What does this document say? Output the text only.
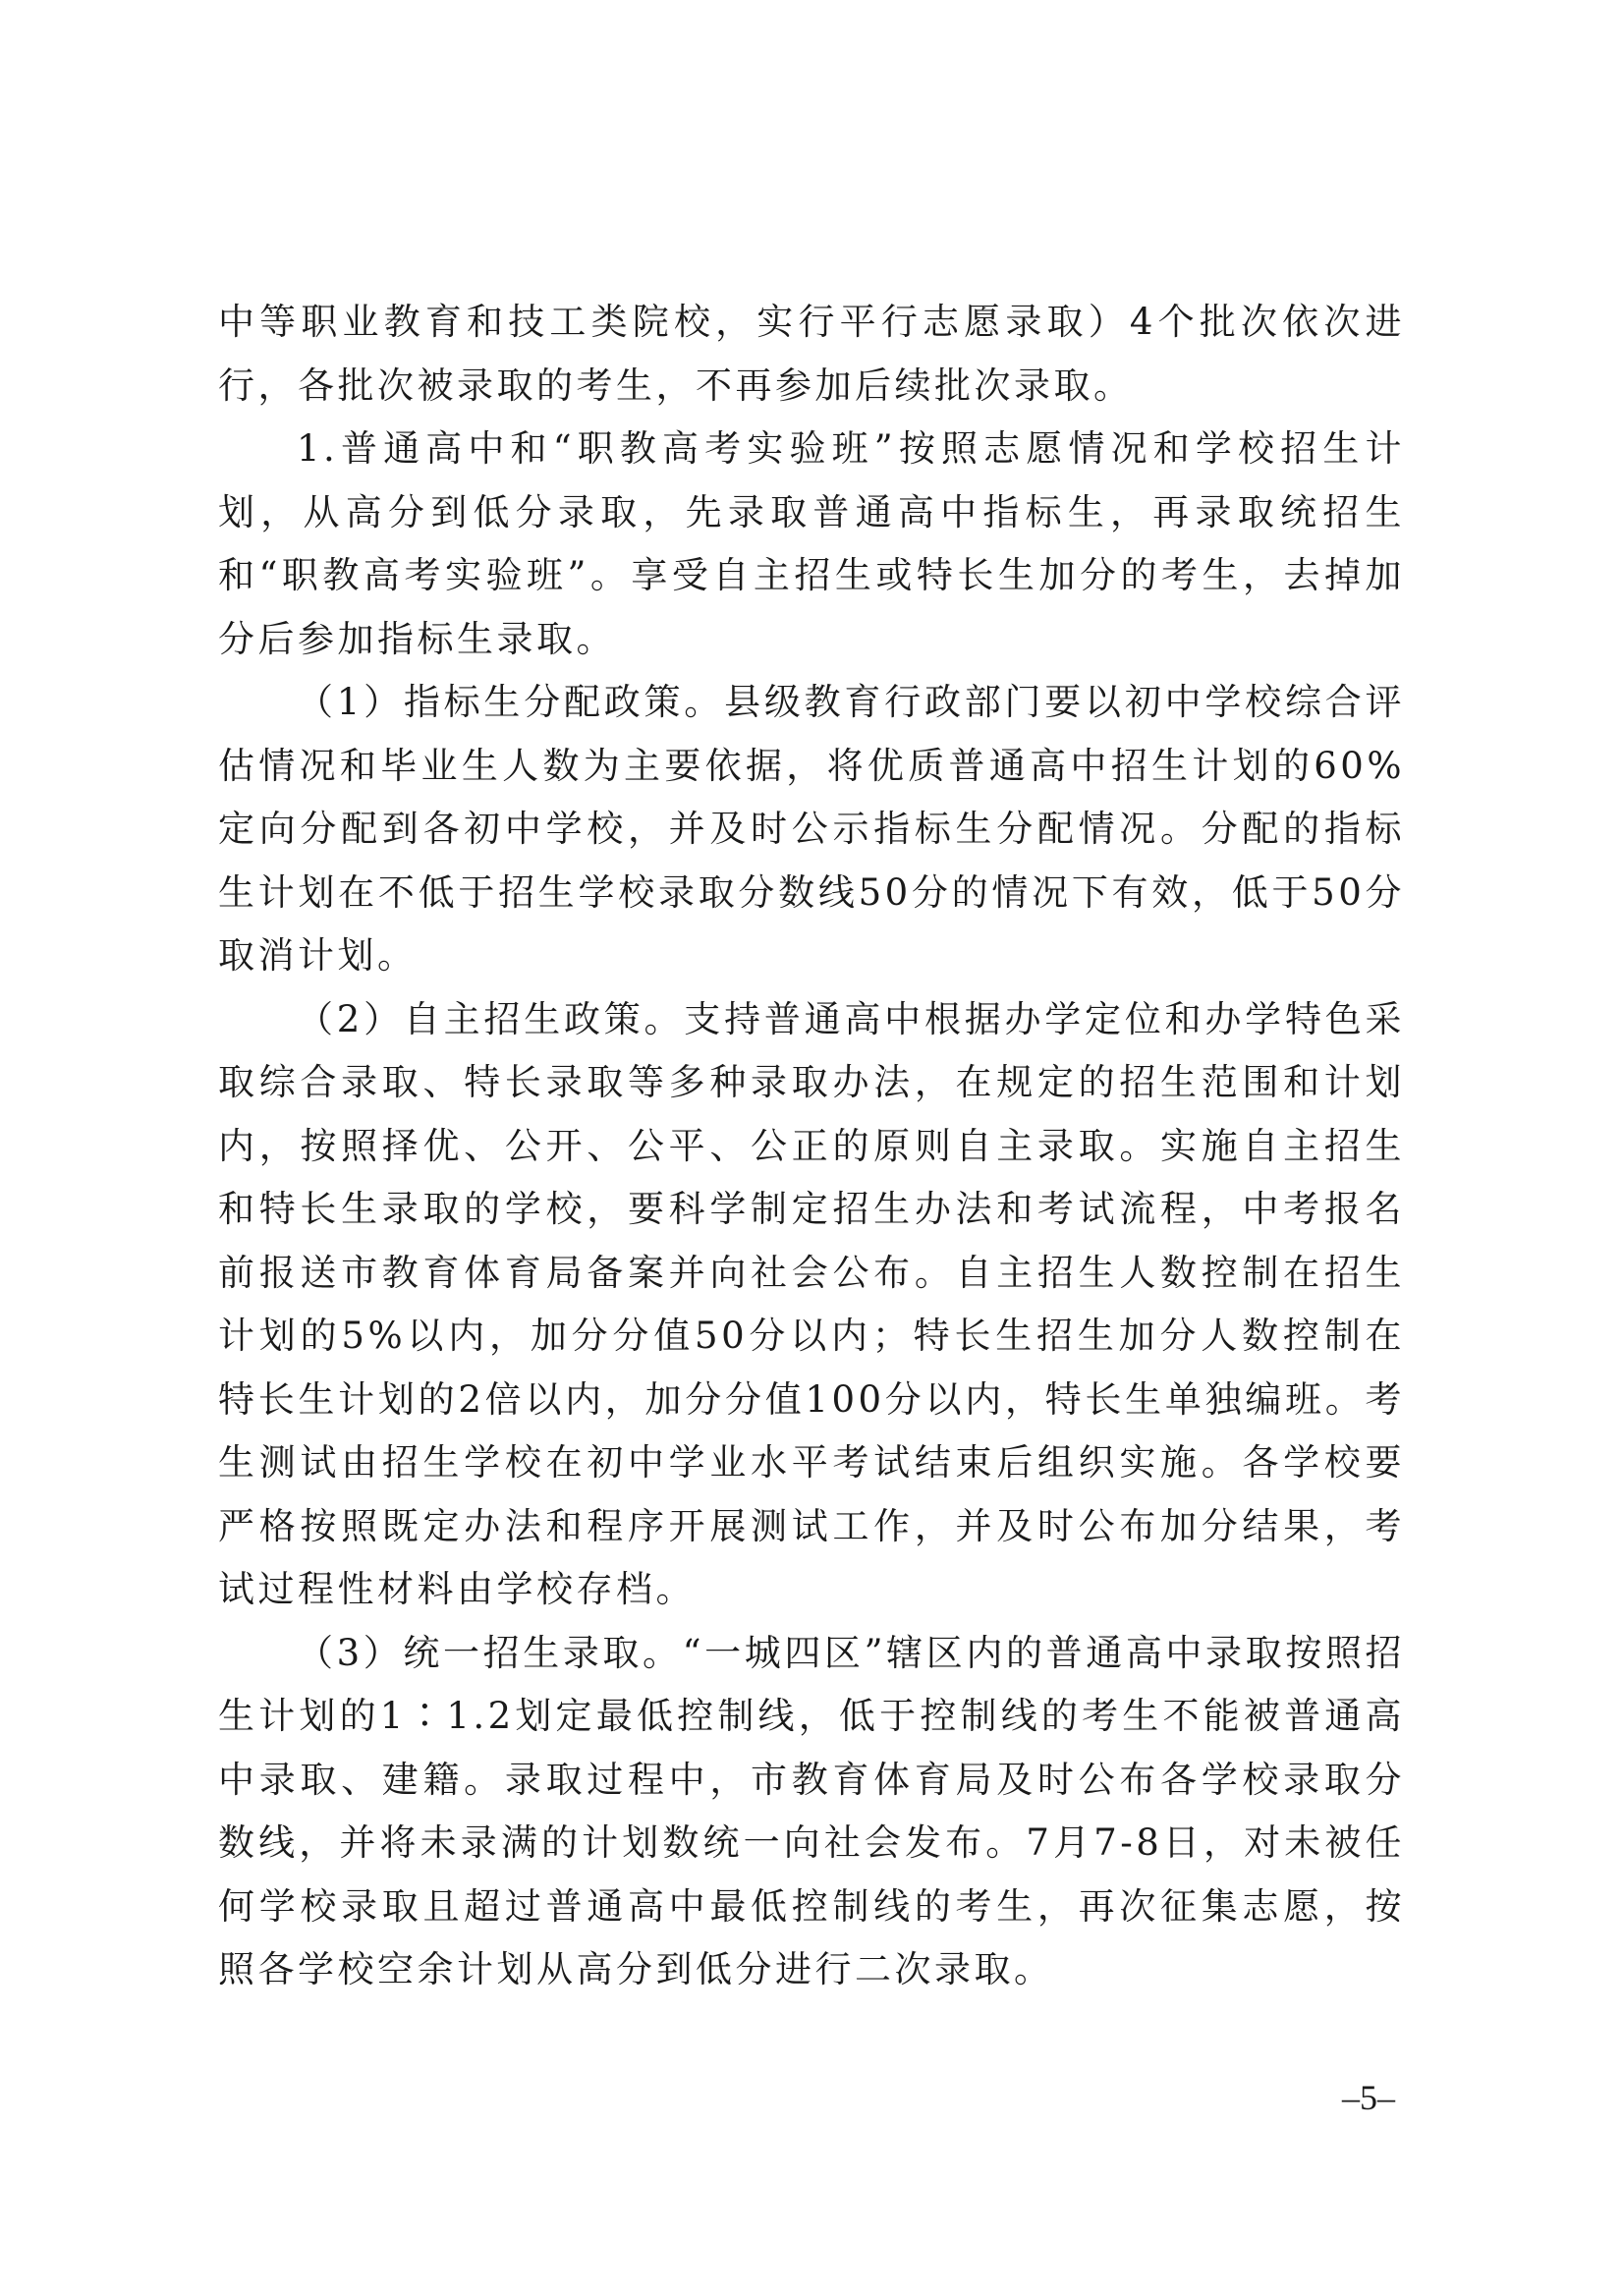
中等职业教育和技工类院校，实行平行志愿录取）4个批次依次进行，各批次被录取的考生，不再参加后续批次录取。

1.普通高中和“职教高考实验班”按照志愿情况和学校招生计划，从高分到低分录取，先录取普通高中指标生，再录取统招生和“职教高考实验班”。享受自主招生或特长生加分的考生，去掉加分后参加指标生录取。

（1）指标生分配政策。县级教育行政部门要以初中学校综合评估情况和毕业生人数为主要依据，将优质普通高中招生计划的60%定向分配到各初中学校，并及时公示指标生分配情况。分配的指标生计划在不低于招生学校录取分数线50分的情况下有效，低于50分取消计划。

（2）自主招生政策。支持普通高中根据办学定位和办学特色采取综合录取、特长录取等多种录取办法，在规定的招生范围和计划内，按照择优、公开、公平、公正的原则自主录取。实施自主招生和特长生录取的学校，要科学制定招生办法和考试流程，中考报名前报送市教育体育局备案并向社会公布。自主招生人数控制在招生计划的5%以内，加分分值50分以内；特长生招生加分人数控制在特长生计划的2倍以内，加分分值100分以内，特长生单独编班。考生测试由招生学校在初中学业水平考试结束后组织实施。各学校要严格按照既定办法和程序开展测试工作，并及时公布加分结果，考试过程性材料由学校存档。

（3）统一招生录取。“一城四区”辖区内的普通高中录取按照招生计划的1∶1.2划定最低控制线，低于控制线的考生不能被普通高中录取、建籍。录取过程中，市教育体育局及时公布各学校录取分数线，并将未录满的计划数统一向社会发布。7月7-8日，对未被任何学校录取且超过普通高中最低控制线的考生，再次征集志愿，按照各学校空余计划从高分到低分进行二次录取。

–5–
